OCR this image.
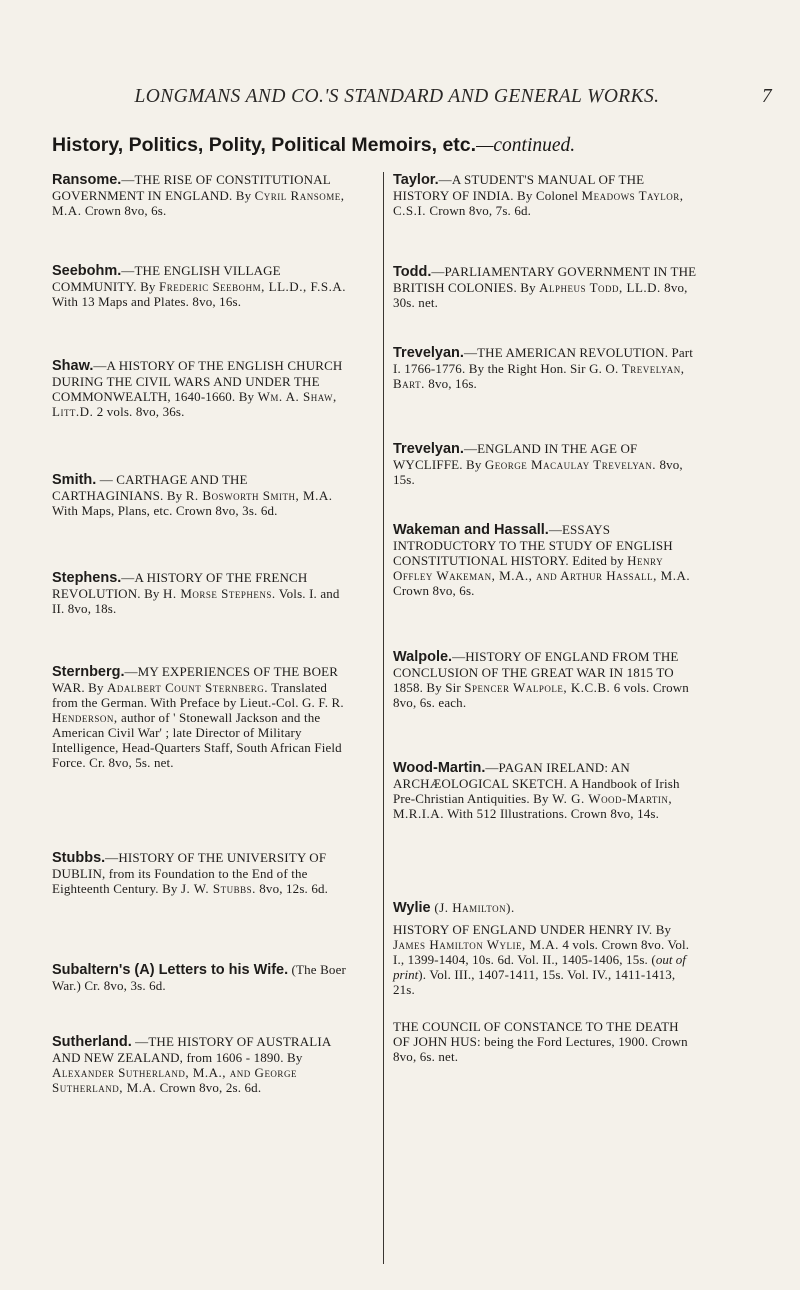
LONGMANS AND CO.'S STANDARD AND GENERAL WORKS.	7
History, Politics, Polity, Political Memoirs, etc.—continued.
Ransome.—THE RISE OF CONSTITUTIONAL GOVERNMENT IN ENGLAND. By Cyril Ransome, M.A. Crown 8vo, 6s.
Seebohm.—THE ENGLISH VILLAGE COMMUNITY. By Frederic Seebohm, LL.D., F.S.A. With 13 Maps and Plates. 8vo, 16s.
Shaw.—A HISTORY OF THE ENGLISH CHURCH DURING THE CIVIL WARS AND UNDER THE COMMONWEALTH, 1640-1660. By Wm. A. Shaw, Litt.D. 2 vols. 8vo, 36s.
Smith. — CARTHAGE AND THE CARTHAGINIANS. By R. Bosworth Smith, M.A. With Maps, Plans, etc. Crown 8vo, 3s. 6d.
Stephens.—A HISTORY OF THE FRENCH REVOLUTION. By H. Morse Stephens. Vols. I. and II. 8vo, 18s.
Sternberg.—MY EXPERIENCES OF THE BOER WAR. By Adalbert Count Sternberg. Translated from the German. With Preface by Lieut.-Col. G. F. R. Henderson, author of ' Stonewall Jackson and the American Civil War' ; late Director of Military Intelligence, Head-Quarters Staff, South African Field Force. Cr. 8vo, 5s. net.
Stubbs.—HISTORY OF THE UNIVERSITY OF DUBLIN, from its Foundation to the End of the Eighteenth Century. By J. W. Stubbs. 8vo, 12s. 6d.
Subaltern's (A) Letters to his Wife. (The Boer War.) Cr. 8vo, 3s. 6d.
Sutherland. —THE HISTORY OF AUSTRALIA AND NEW ZEALAND, from 1606 - 1890. By Alexander Sutherland, M.A., and George Sutherland, M.A. Crown 8vo, 2s. 6d.
Taylor.—A STUDENT'S MANUAL OF THE HISTORY OF INDIA. By Colonel Meadows Taylor, C.S.I. Crown 8vo, 7s. 6d.
Todd.—PARLIAMENTARY GOVERNMENT IN THE BRITISH COLONIES. By Alpheus Todd, LL.D. 8vo, 30s. net.
Trevelyan.—THE AMERICAN REVOLUTION. Part I. 1766-1776. By the Right Hon. Sir G. O. Trevelyan, Bart. 8vo, 16s.
Trevelyan.—ENGLAND IN THE AGE OF WYCLIFFE. By George Macaulay Trevelyan. 8vo, 15s.
Wakeman and Hassall.—ESSAYS INTRODUCTORY TO THE STUDY OF ENGLISH CONSTITUTIONAL HISTORY. Edited by Henry Offley Wakeman, M.A., and Arthur Hassall, M.A. Crown 8vo, 6s.
Walpole.—HISTORY OF ENGLAND FROM THE CONCLUSION OF THE GREAT WAR IN 1815 TO 1858. By Sir Spencer Walpole, K.C.B. 6 vols. Crown 8vo, 6s. each.
Wood-Martin.—PAGAN IRELAND: AN ARCHÆOLOGICAL SKETCH. A Handbook of Irish Pre-Christian Antiquities. By W. G. Wood-Martin, M.R.I.A. With 512 Illustrations. Crown 8vo, 14s.
Wylie (J. Hamilton).
HISTORY OF ENGLAND UNDER HENRY IV. By James Hamilton Wylie, M.A. 4 vols. Crown 8vo. Vol. I., 1399-1404, 10s. 6d. Vol. II., 1405-1406, 15s. (out of print). Vol. III., 1407-1411, 15s. Vol. IV., 1411-1413, 21s.
THE COUNCIL OF CONSTANCE TO THE DEATH OF JOHN HUS: being the Ford Lectures, 1900. Crown 8vo, 6s. net.
